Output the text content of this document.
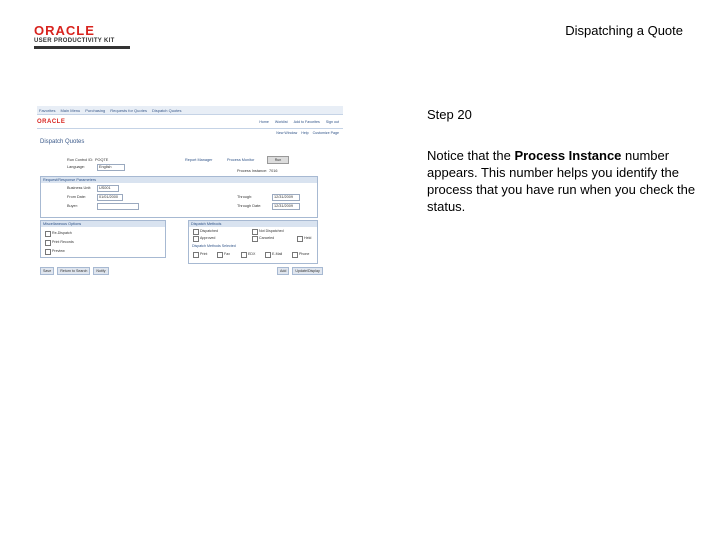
ORACLE
USER PRODUCTIVITY KIT
Dispatching a Quote
Favorites Main Menu Purchasing Requests for Quotes Dispatch Quotes
ORACLE	Home Worklist Add to Favorites Sign out
New Window Help Customize Page
Dispatch Quotes
Run Control ID: POQTE
Language:	English
Report Manager	Process Monitor	Run
Process Instance: 7016
Request/Response Parameters
Business Unit: US001
From Date:	01/01/2000
Buyer:
Through:	12/31/2009
Through Date:	12/31/2009
Miscellaneous Options
Re-Dispatch
Print Records
Preview
Dispatch Methods
Dispatched	Not Dispatched
Approved	Canceled	Held
Dispatch Methods Selected
Print	Fax	EDX	E-Mail	Phone
Save	Return to Search	Notify	Add	Update/Display
Step 20
Notice that the Process Instance number appears. This number helps you identify the process that you have run when you check the status.
